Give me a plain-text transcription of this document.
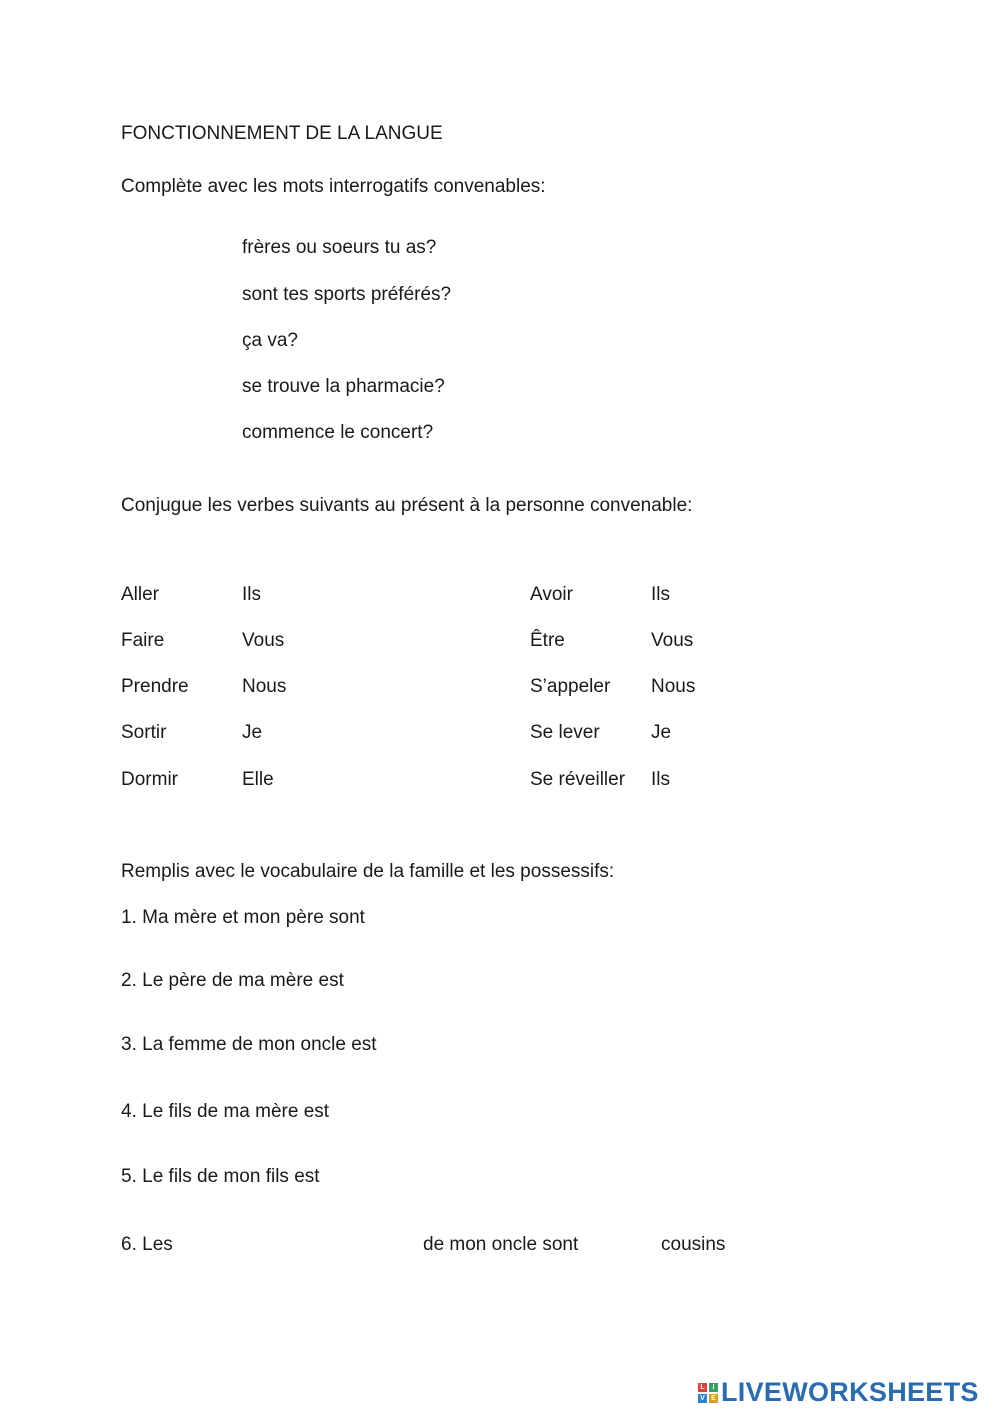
FONCTIONNEMENT DE LA LANGUE
Complète avec les mots interrogatifs convenables:
frères ou soeurs tu as?
sont tes sports préférés?
ça va?
se trouve la pharmacie?
commence le concert?
Conjugue les verbes suivants au présent à la personne convenable:
Aller	Ils	Avoir	Ils
Faire	Vous	Être	Vous
Prendre	Nous	S’appeler Nous
Sortir	Je	Se lever	Je
Dormir	Elle	Se réveiller Ils
Remplis avec le vocabulaire de la famille et les possessifs:
1. Ma mère et mon père sont
2. Le père de ma mère est
3. La femme de mon oncle est
4. Le fils de ma mère est
5. Le fils de mon fils est
6. Les	de mon oncle sont	cousins
L	I
V E LIVEWORKSHEETS
